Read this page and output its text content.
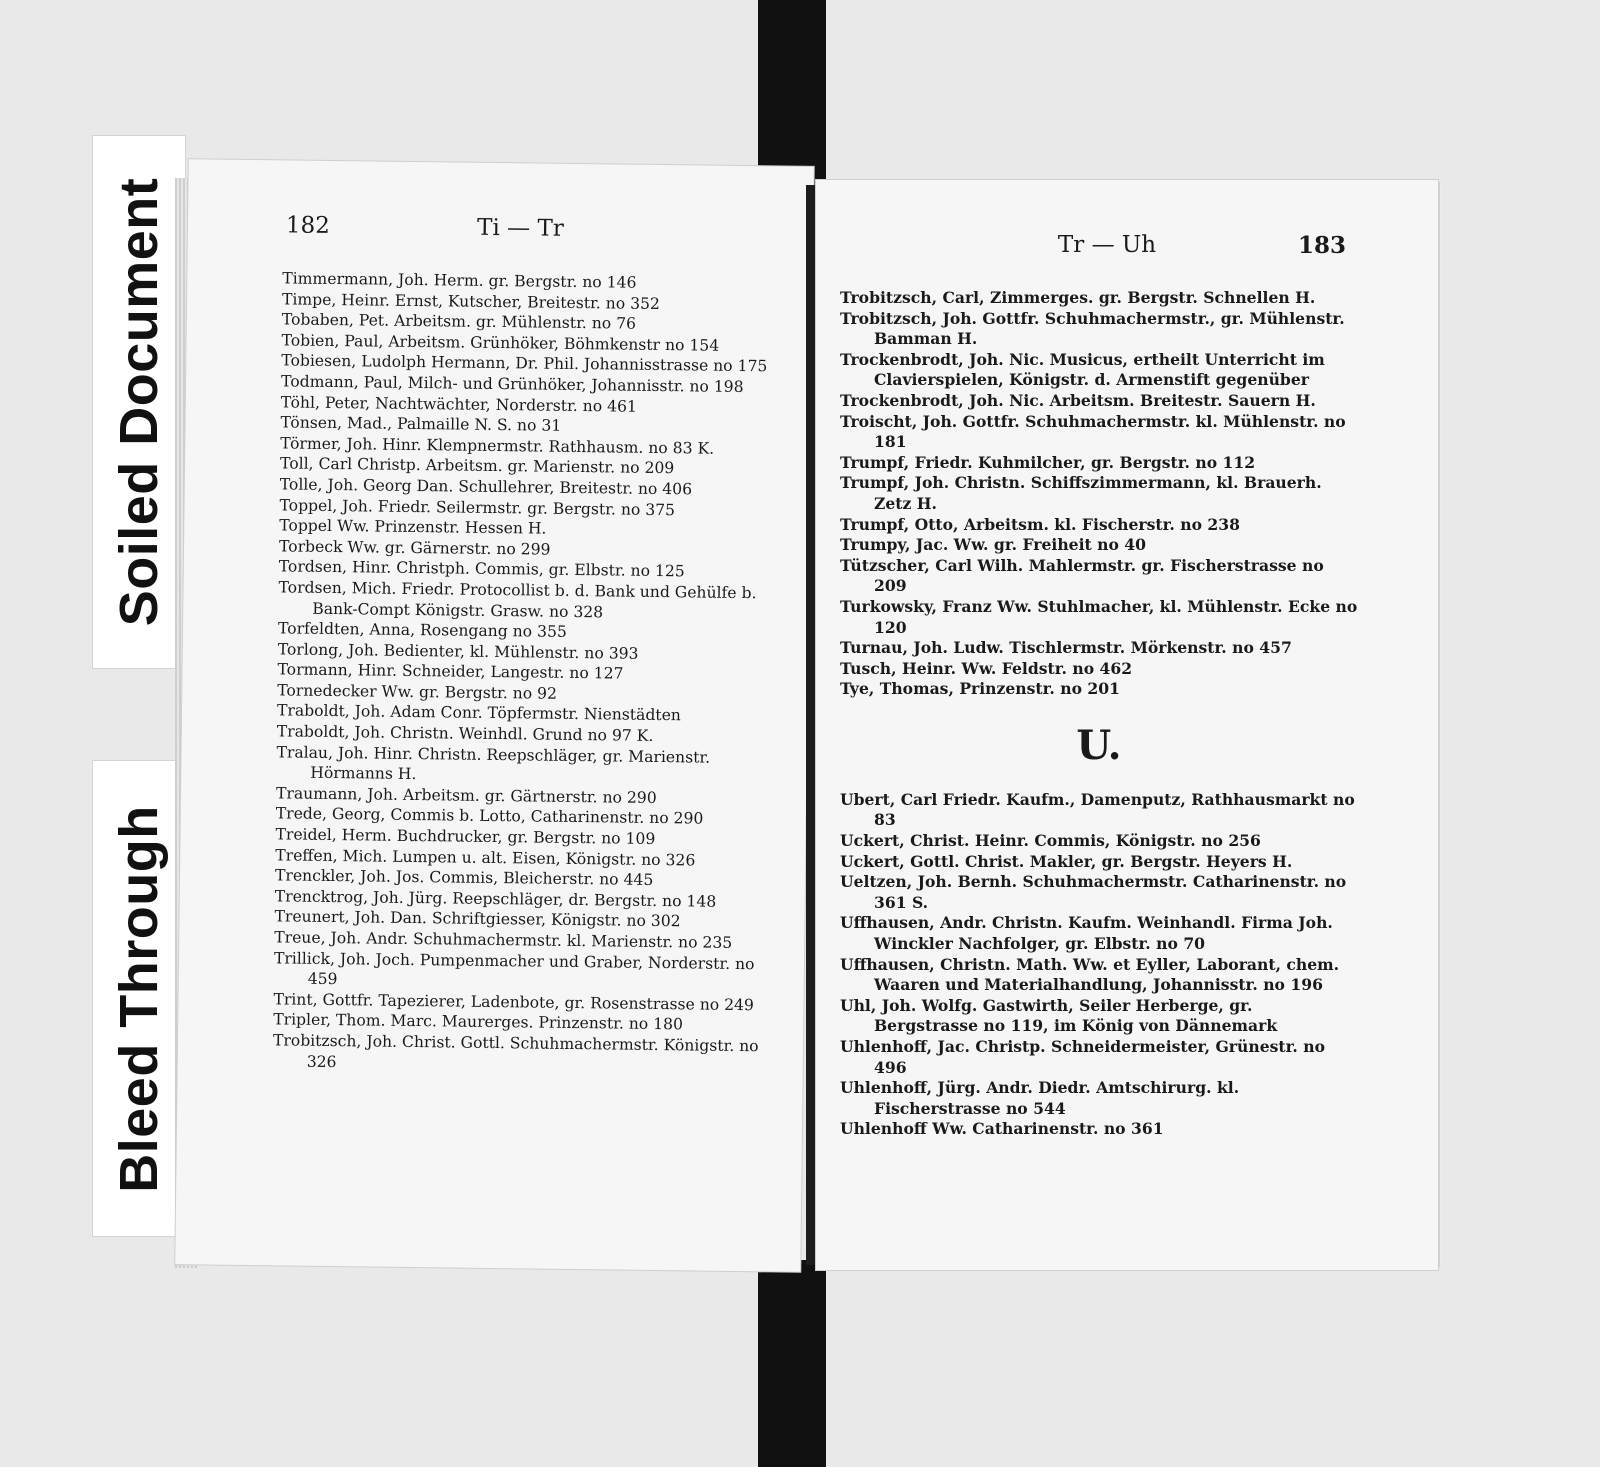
Soiled Document
Bleed Through
182	Ti — Tr
Timmermann, Joh. Herm. gr. Bergstr. no 146
Timpe, Heinr. Ernst, Kutscher, Breitestr. no 352
Tobaben, Pet. Arbeitsm. gr. Mühlenstr. no 76
Tobien, Paul, Arbeitsm. Grünhöker, Böhmkenstr no 154
Tobiesen, Ludolph Hermann, Dr. Phil. Johannisstrasse no 175
Todmann, Paul, Milch- und Grünhöker, Johannisstr. no 198
Töhl, Peter, Nachtwächter, Norderstr. no 461
Tönsen, Mad., Palmaille N. S. no 31
Törmer, Joh. Hinr. Klempnermstr. Rathhausm. no 83 K.
Toll, Carl Christp. Arbeitsm. gr. Marienstr. no 209
Tolle, Joh. Georg Dan. Schullehrer, Breitestr. no 406
Toppel, Joh. Friedr. Seilermstr. gr. Bergstr. no 375
Toppel Ww. Prinzenstr. Hessen H.
Torbeck Ww. gr. Gärnerstr. no 299
Tordsen, Hinr. Christph. Commis, gr. Elbstr. no 125
Tordsen, Mich. Friedr. Protocollist b. d. Bank und Gehülfe b. Bank-Compt Königstr. Grasw. no 328
Torfeldten, Anna, Rosengang no 355
Torlong, Joh. Bedienter, kl. Mühlenstr. no 393
Tormann, Hinr. Schneider, Langestr. no 127
Tornedecker Ww. gr. Bergstr. no 92
Traboldt, Joh. Adam Conr. Töpfermstr. Nienstädten
Traboldt, Joh. Christn. Weinhdl. Grund no 97 K.
Tralau, Joh. Hinr. Christn. Reepschläger, gr. Marienstr. Hörmanns H.
Traumann, Joh. Arbeitsm. gr. Gärtnerstr. no 290
Trede, Georg, Commis b. Lotto, Catharinenstr. no 290
Treidel, Herm. Buchdrucker, gr. Bergstr. no 109
Treffen, Mich. Lumpen u. alt. Eisen, Königstr. no 326
Trenckler, Joh. Jos. Commis, Bleicherstr. no 445
Trencktrog, Joh. Jürg. Reepschläger, dr. Bergstr. no 148
Treunert, Joh. Dan. Schriftgiesser, Königstr. no 302
Treue, Joh. Andr. Schuhmachermstr. kl. Marienstr. no 235
Trillick, Joh. Joch. Pumpenmacher und Graber, Norderstr. no 459
Trint, Gottfr. Tapezierer, Ladenbote, gr. Rosenstrasse no 249
Tripler, Thom. Marc. Maurerges. Prinzenstr. no 180
Trobitzsch, Joh. Christ. Gottl. Schuhmachermstr. Königstr. no 326
Tr — Uh	183
Trobitzsch, Carl, Zimmerges. gr. Bergstr. Schnellen H.
Trobitzsch, Joh. Gottfr. Schuhmachermstr., gr. Mühlenstr. Bamman H.
Trockenbrodt, Joh. Nic. Musicus, ertheilt Unterricht im Clavierspielen, Königstr. d. Armenstift gegenüber
Trockenbrodt, Joh. Nic. Arbeitsm. Breitestr. Sauern H.
Troischt, Joh. Gottfr. Schuhmachermstr. kl. Mühlenstr. no 181
Trumpf, Friedr. Kuhmilcher, gr. Bergstr. no 112
Trumpf, Joh. Christn. Schiffszimmermann, kl. Brauerh. Zetz H.
Trumpf, Otto, Arbeitsm. kl. Fischerstr. no 238
Trumpy, Jac. Ww. gr. Freiheit no 40
Tützscher, Carl Wilh. Mahlermstr. gr. Fischerstrasse no 209
Turkowsky, Franz Ww. Stuhlmacher, kl. Mühlenstr. Ecke no 120
Turnau, Joh. Ludw. Tischlermstr. Mörkenstr. no 457
Tusch, Heinr. Ww. Feldstr. no 462
Tye, Thomas, Prinzenstr. no 201
U.
Ubert, Carl Friedr. Kaufm., Damenputz, Rathhausmarkt no 83
Uckert, Christ. Heinr. Commis, Königstr. no 256
Uckert, Gottl. Christ. Makler, gr. Bergstr. Heyers H.
Ueltzen, Joh. Bernh. Schuhmachermstr. Catharinenstr. no 361 S.
Uffhausen, Andr. Christn. Kaufm. Weinhandl. Firma Joh. Winckler Nachfolger, gr. Elbstr. no 70
Uffhausen, Christn. Math. Ww. et Eyller, Laborant, chem. Waaren und Materialhandlung, Johannisstr. no 196
Uhl, Joh. Wolfg. Gastwirth, Seiler Herberge, gr. Bergstrasse no 119, im König von Dännemark
Uhlenhoff, Jac. Christp. Schneidermeister, Grünestr. no 496
Uhlenhoff, Jürg. Andr. Diedr. Amtschirurg. kl. Fischerstrasse no 544
Uhlenhoff Ww. Catharinenstr. no 361
